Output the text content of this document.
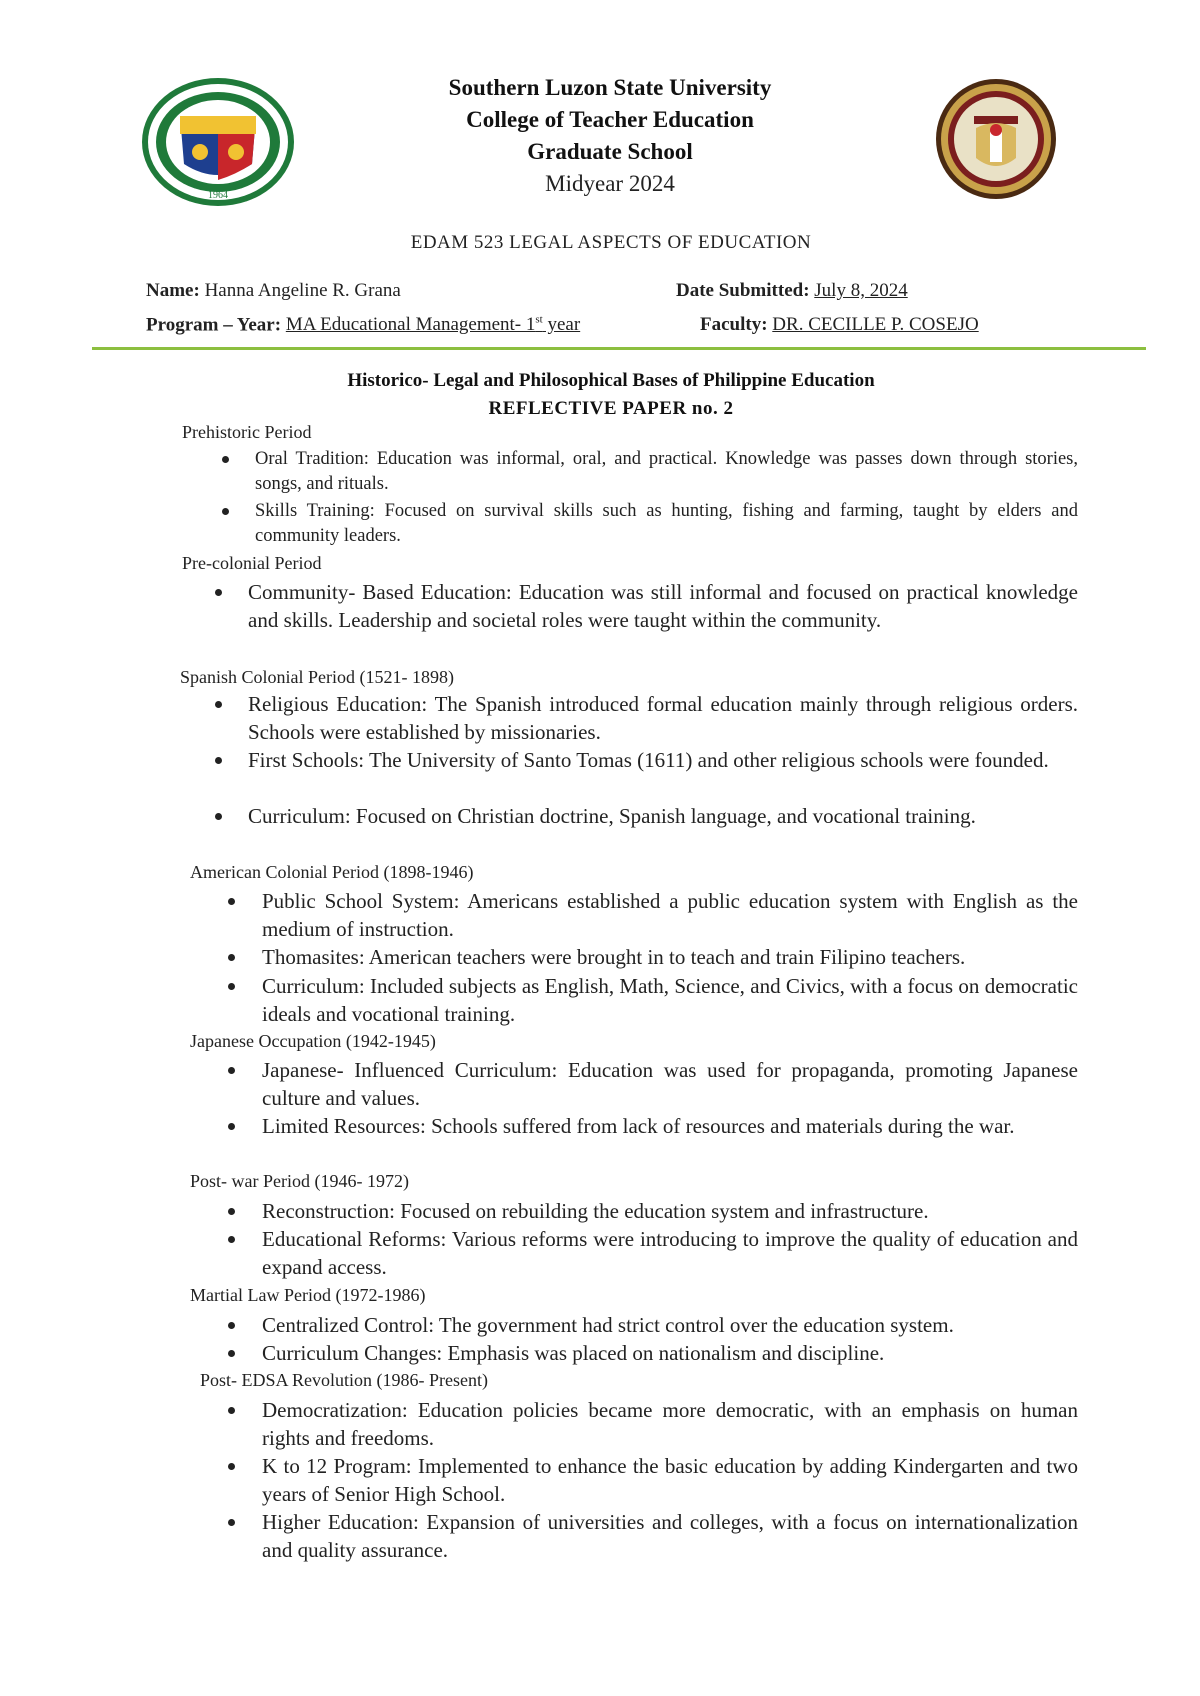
1964
Southern Luzon State University
College of Teacher Education
Graduate School
Midyear 2024
EDAM 523 LEGAL ASPECTS OF EDUCATION
Name: Hanna Angeline R. Grana	Date Submitted: July 8, 2024
Program – Year: MA Educational Management- 1st year	Faculty: DR. CECILLE P. COSEJO
Historico- Legal and Philosophical Bases of Philippine Education
REFLECTIVE PAPER no. 2
Prehistoric Period
Oral Tradition: Education was informal, oral, and practical. Knowledge was passes down through stories, songs, and rituals.
Skills Training: Focused on survival skills such as hunting, fishing and farming, taught by elders and community leaders.
Pre-colonial Period
Community- Based Education: Education was still informal and focused on practical knowledge and skills. Leadership and societal roles were taught within the community.
Spanish Colonial Period (1521- 1898)
Religious Education: The Spanish introduced formal education mainly through religious orders. Schools were established by missionaries.
First Schools: The University of Santo Tomas (1611) and other religious schools were founded.
Curriculum: Focused on Christian doctrine, Spanish language, and vocational training.
American Colonial Period (1898-1946)
Public School System: Americans established a public education system with English as the medium of instruction.
Thomasites: American teachers were brought in to teach and train Filipino teachers.
Curriculum: Included subjects as English, Math, Science, and Civics, with a focus on democratic ideals and vocational training.
Japanese Occupation (1942-1945)
Japanese- Influenced Curriculum: Education was used for propaganda, promoting Japanese culture and values.
Limited Resources: Schools suffered from lack of resources and materials during the war.
Post- war Period (1946- 1972)
Reconstruction: Focused on rebuilding the education system and infrastructure.
Educational Reforms: Various reforms were introducing to improve the quality of education and expand access.
Martial Law Period (1972-1986)
Centralized Control: The government had strict control over the education system.
Curriculum Changes: Emphasis was placed on nationalism and discipline.
Post- EDSA Revolution (1986- Present)
Democratization: Education policies became more democratic, with an emphasis on human rights and freedoms.
K to 12 Program: Implemented to enhance the basic education by adding Kindergarten and two years of Senior High School.
Higher Education: Expansion of universities and colleges, with a focus on internationalization and quality assurance.
